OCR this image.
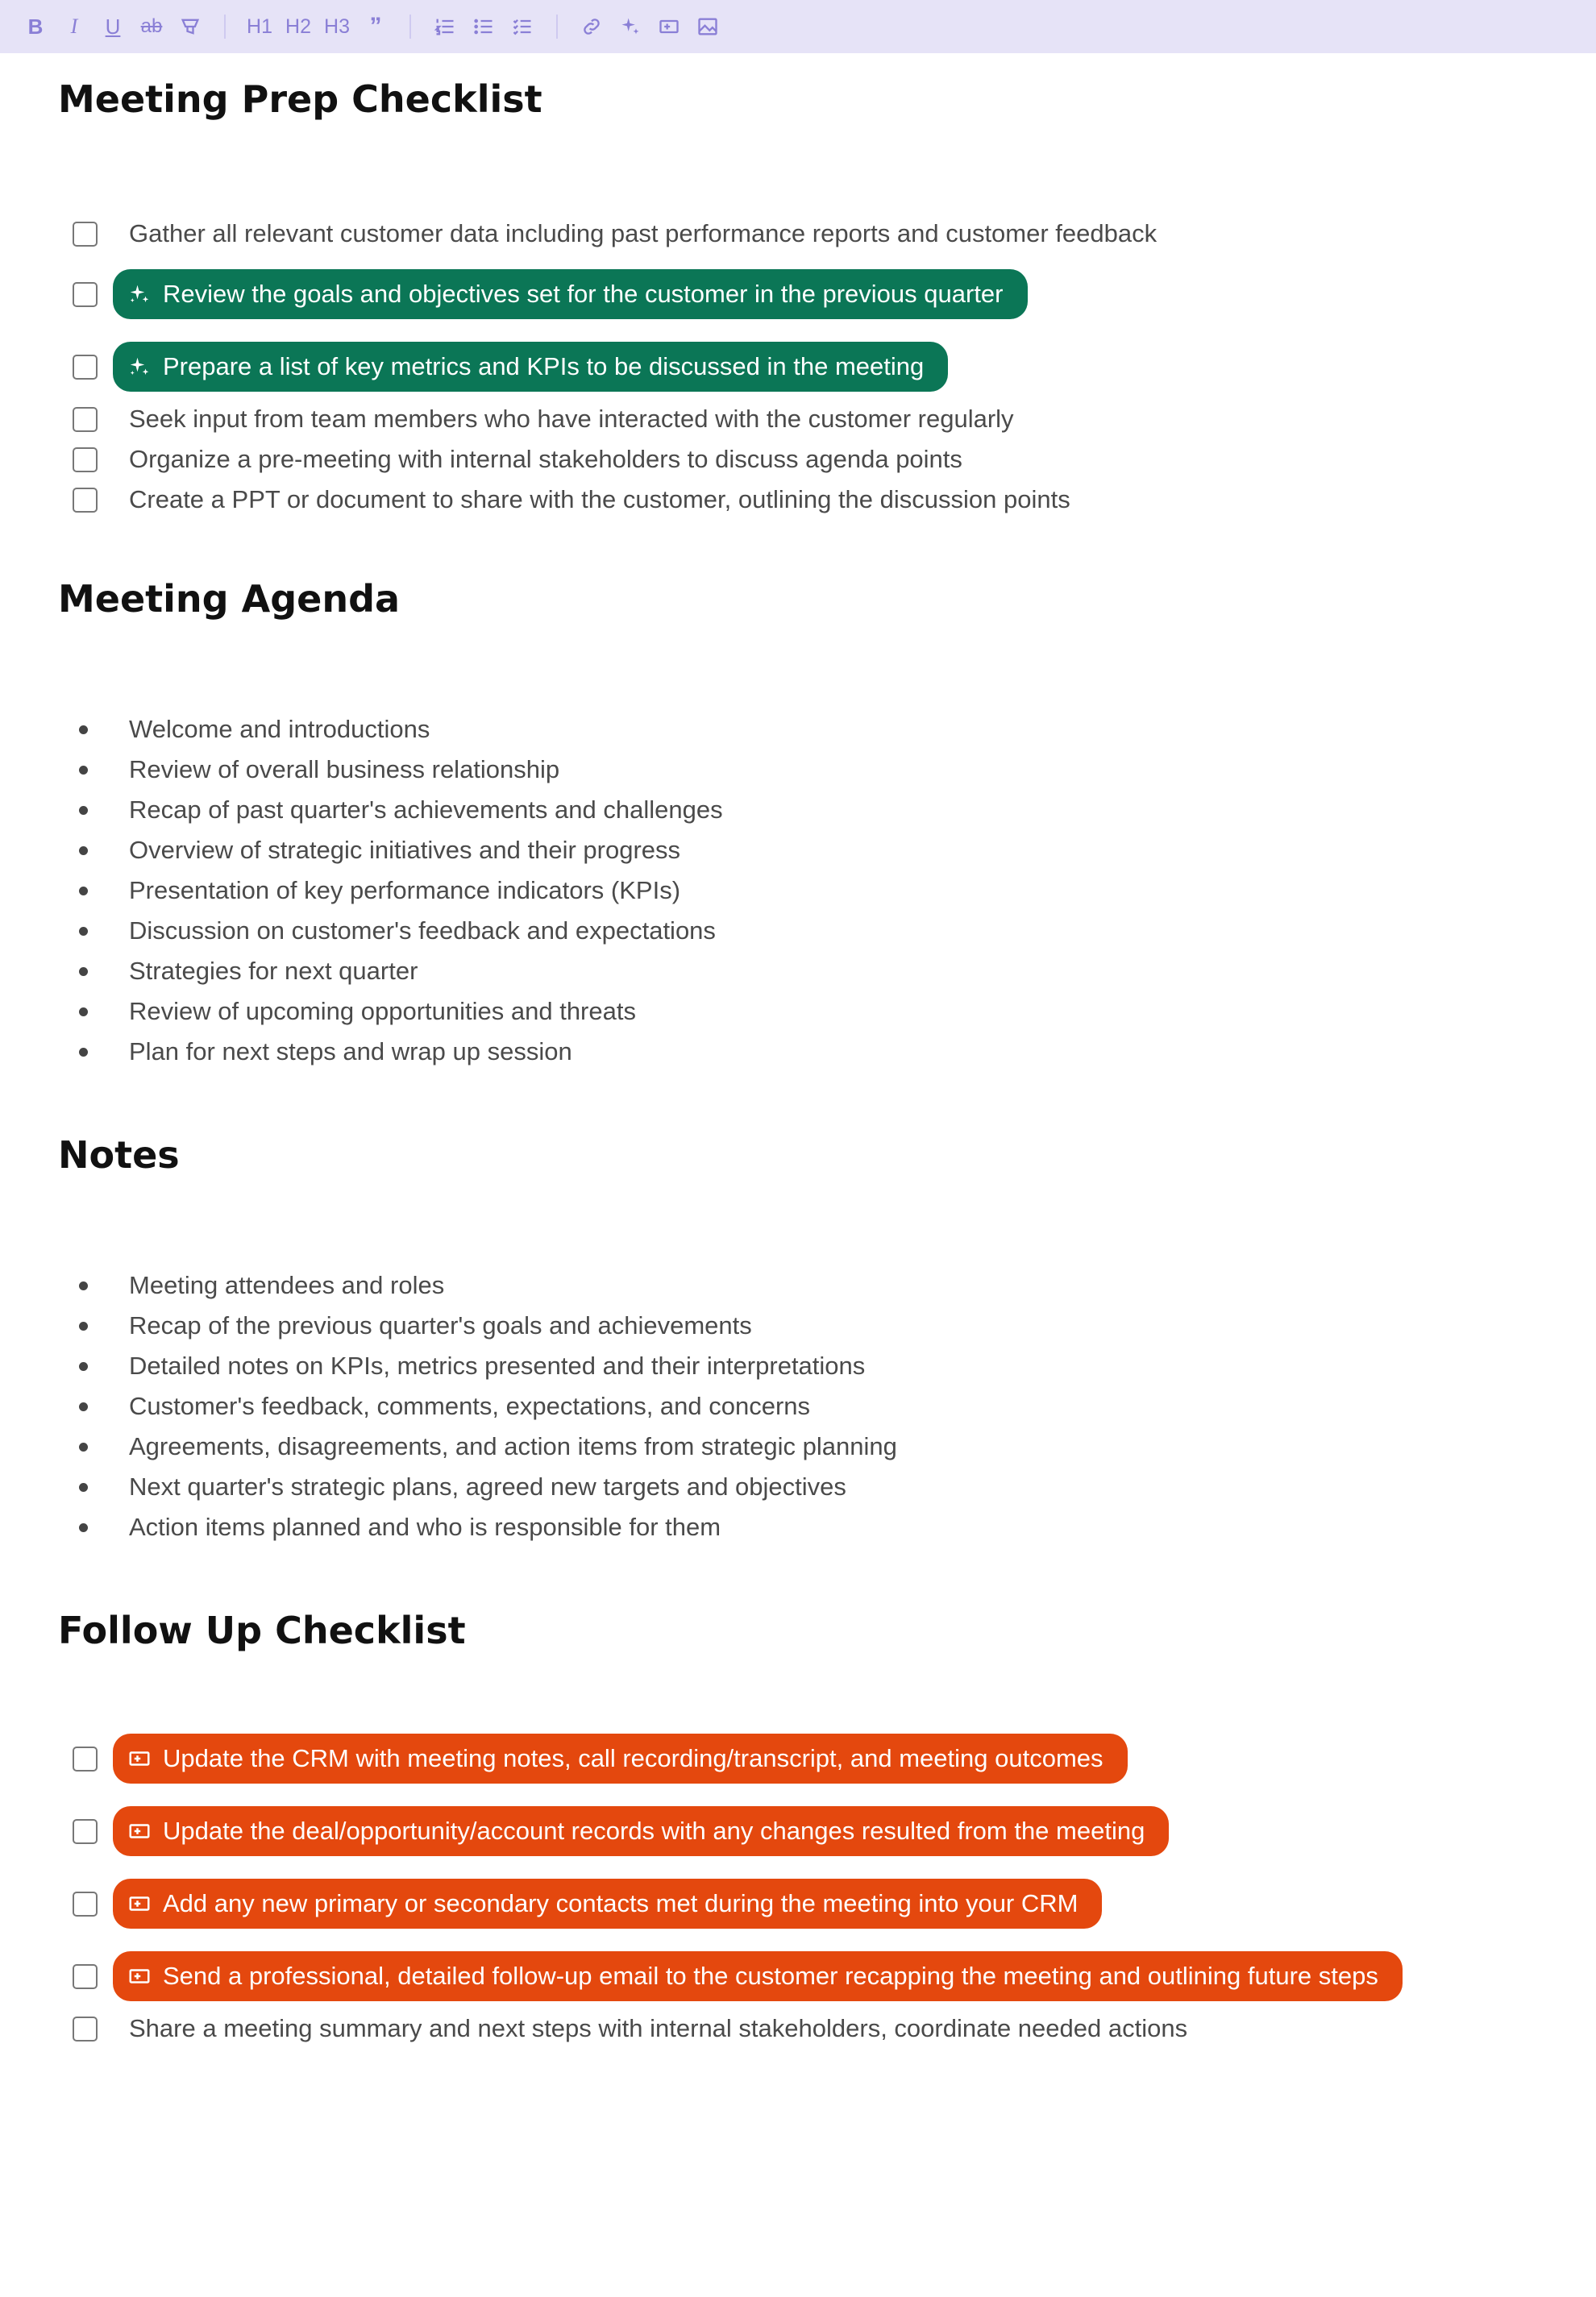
B I U ab	H1 H2 H3 ”
Meeting Prep Checklist
Gather all relevant customer data including past performance reports and customer feedback
Review the goals and objectives set for the customer in the previous quarter
Prepare a list of key metrics and KPIs to be discussed in the meeting
Seek input from team members who have interacted with the customer regularly
Organize a pre-meeting with internal stakeholders to discuss agenda points
Create a PPT or document to share with the customer, outlining the discussion points
Meeting Agenda
Welcome and introductions
Review of overall business relationship
Recap of past quarter's achievements and challenges
Overview of strategic initiatives and their progress
Presentation of key performance indicators (KPIs)
Discussion on customer's feedback and expectations
Strategies for next quarter
Review of upcoming opportunities and threats
Plan for next steps and wrap up session
Notes
Meeting attendees and roles
Recap of the previous quarter's goals and achievements
Detailed notes on KPIs, metrics presented and their interpretations
Customer's feedback, comments, expectations, and concerns
Agreements, disagreements, and action items from strategic planning
Next quarter's strategic plans, agreed new targets and objectives
Action items planned and who is responsible for them
Follow Up Checklist
Update the CRM with meeting notes, call recording/transcript, and meeting outcomes
Update the deal/opportunity/account records with any changes resulted from the meeting
Add any new primary or secondary contacts met during the meeting into your CRM
Send a professional, detailed follow-up email to the customer recapping the meeting and outlining future steps
Share a meeting summary and next steps with internal stakeholders, coordinate needed actions
